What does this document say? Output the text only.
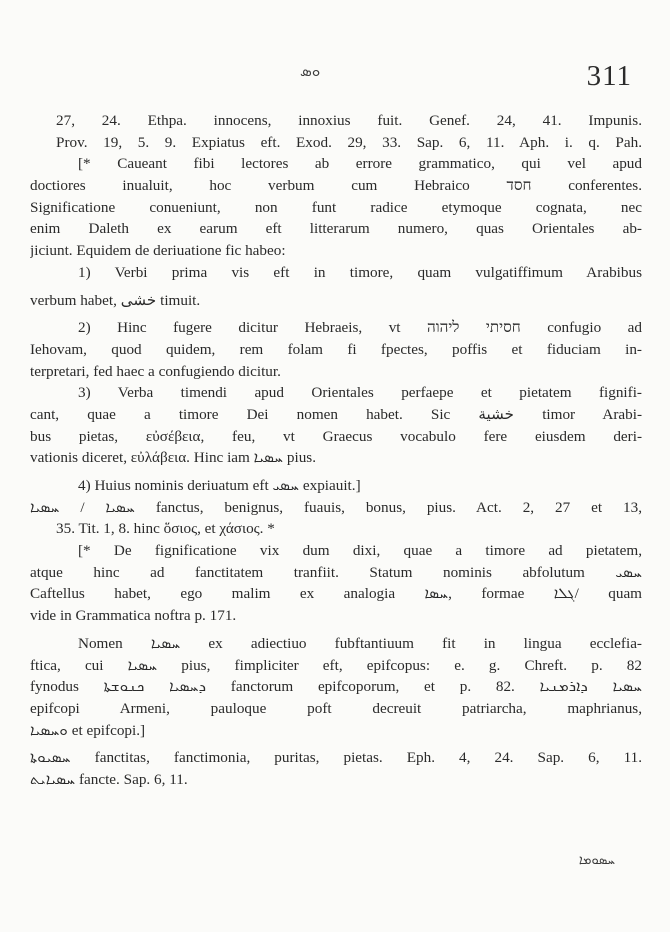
ܘܣ	311
27, 24. Ethpa. innocens, innoxius fuit. Genef. 24, 41. Impunis.
Prov. 19, 5. 9. Expiatus eft. Exod. 29, 33. Sap. 6, 11. Aph. i. q. Pah.
[* Caueant fibi lectores ab errore grammatico, qui vel apud
doctiores inualuit, hoc verbum cum Hebraico חסד conferentes.
Significatione conueniunt, non funt radice etymoque cognata, nec
enim Daleth ex earum eft litterarum numero, quas Orientales ab-
jiciunt. Equidem de deriuatione fic habeo:
1) Verbi prima vis eft in timore, quam vulgatiffimum Arabibus
verbum habet, خشى timuit.
2) Hinc fugere dicitur Hebraeis, vt חסיתי ליהוה confugio ad
Iehovam, quod quidem, rem folam fi fpectes, poffis et fiduciam in-
terpretari, fed haec a confugiendo dicitur.
3) Verba timendi apud Orientales perfaepe et pietatem fignifi-
cant, quae a timore Dei nomen habet. Sic خشية timor Arabi-
bus pietas, εὐσέβεια, feu, vt Graecus vocabulo fere eiusdem deri-
vationis diceret, εὐλάβεια. Hinc iam ܚܣܝܐ pius.
4) Huius nominis deriuatum eft ܚܣܝ expiauit.]
ܚܣܝܐ / ܚܣܝܐ fanctus, benignus, fuauis, bonus, pius. Act. 2, 27 et 13,
35. Tit. 1, 8. hinc ὅσιος, et χάσιος. *
[* De fignificatione vix dum dixi, quae a timore ad pietatem,
atque hinc ad fanctitatem tranfiit. Statum nominis abfolutum ܚܣܝ
Caftellus habet, ego malim ex analogia ܚܣܐ, formae ܓܠܐ/ quam
vide in Grammatica noftra p. 171.
Nomen ܚܣܝܐ ex adiectiuo fubftantiuum fit in lingua ecclefia-
ftica, cui ܚܣܝܐ pius, fimpliciter eft, epifcopus: e. g. Chreft. p. 82
fynodus ܕܚܣܝܐ ܟܢܘܫܬܐ fanctorum epifcoporum, et p. 82. ܚܣܝܐ ܕܐܪܡܢܝܐ
epifcopi Armeni, pauloque poft decreuit patriarcha, maphrianus,
ܘܚܣܝܐ et epifcopi.]
ܚܣܝܘܬܐ fanctitas, fanctimonia, puritas, pietas. Eph. 4, 24. Sap. 6, 11.
ܚܣܝܐܝܬ fancte. Sap. 6, 11.
ܚܣܘܡܐ
